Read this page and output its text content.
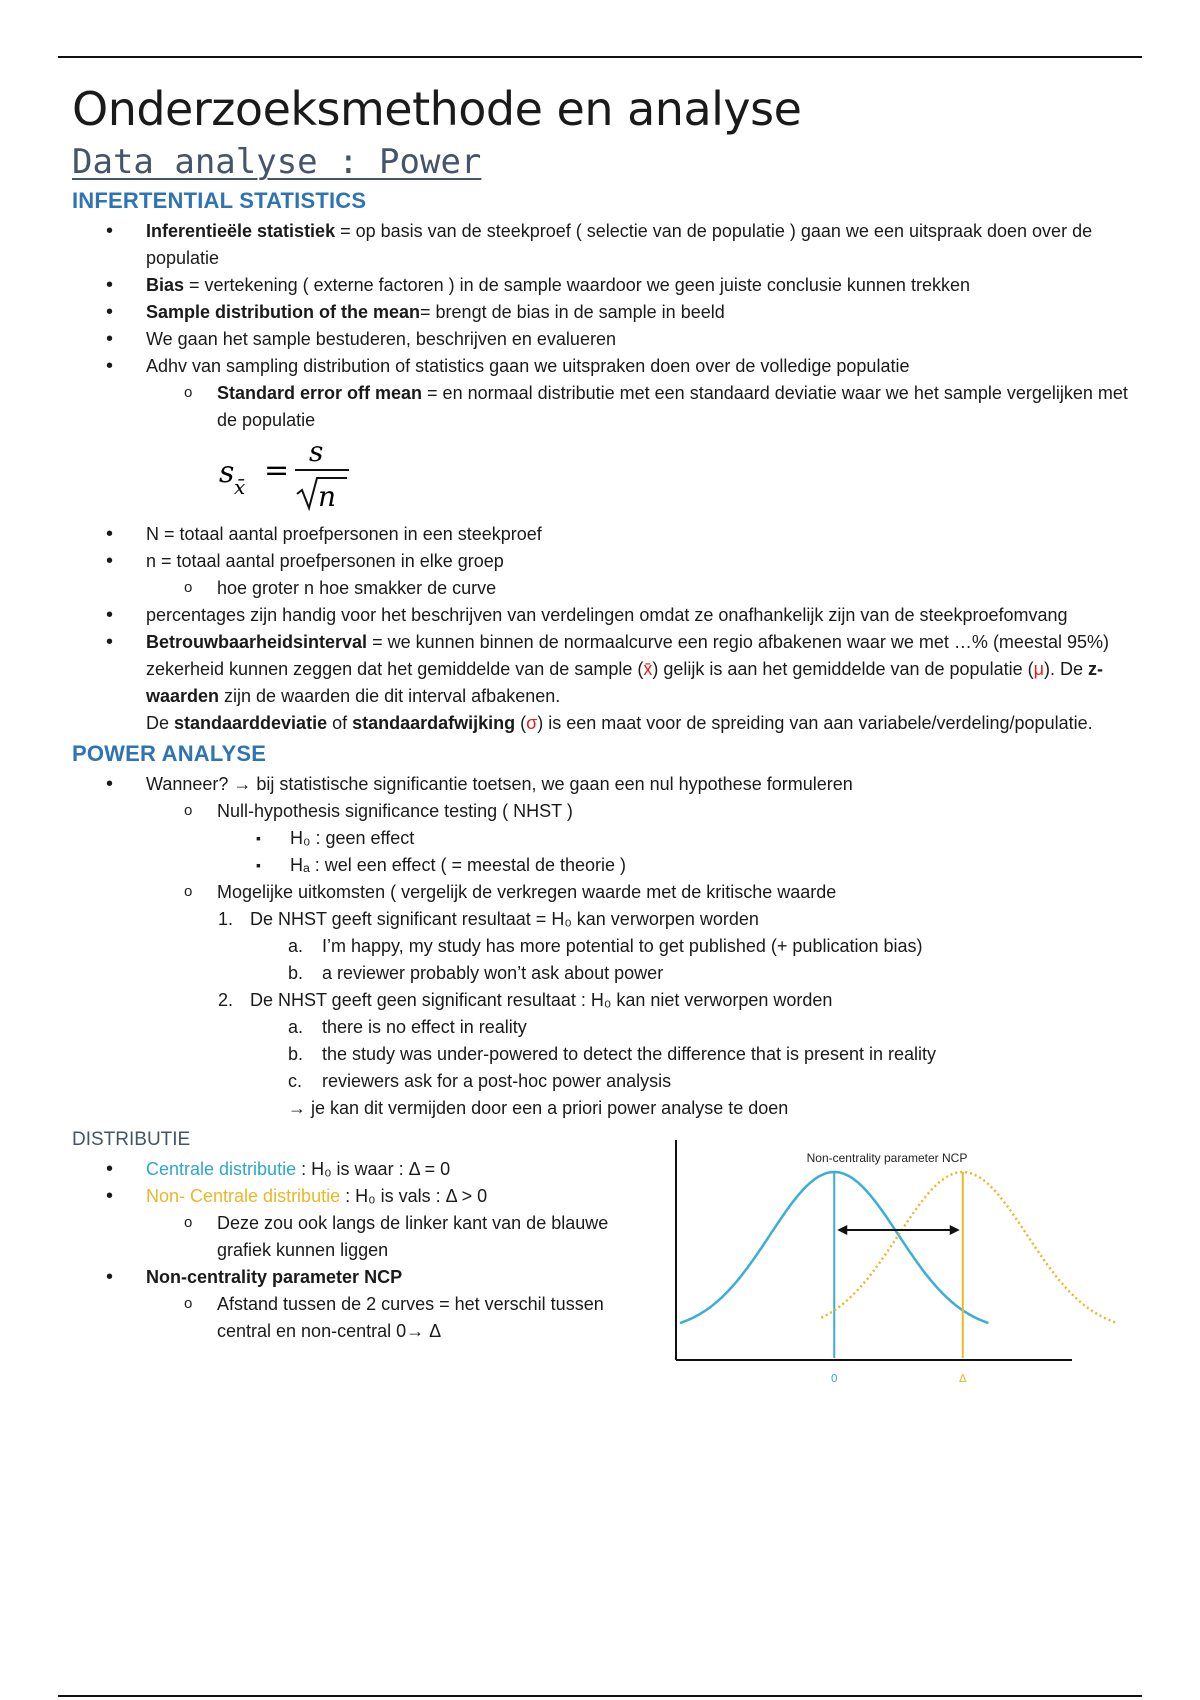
Onderzoeksmethode en analyse
Data analyse : Power
INFERTENTIAL STATISTICS
• Inferentieële statistiek = op basis van de steekproef ( selectie van de populatie ) gaan we een uitspraak doen over de populatie
• Bias = vertekening ( externe factoren ) in de sample waardoor we geen juiste conclusie kunnen trekken
• Sample distribution of the mean= brengt de bias in de sample in beeld
• We gaan het sample bestuderen, beschrijven en evalueren
• Adhv van sampling distribution of statistics gaan we uitspraken doen over de volledige populatie
o Standard error off mean = en normaal distributie met een standaard deviatie waar we het sample vergelijken met de populatie
s x̄ =
s
n
• N = totaal aantal proefpersonen in een steekproef
• n = totaal aantal proefpersonen in elke groep
o hoe groter n hoe smakker de curve
• percentages zijn handig voor het beschrijven van verdelingen omdat ze onafhankelijk zijn van de steekproefomvang
• Betrouwbaarheidsinterval = we kunnen binnen de normaalcurve een regio afbakenen waar we met …% (meestal 95%) zekerheid kunnen zeggen dat het gemiddelde van de sample (x̄) gelijk is aan het gemiddelde van de populatie (μ). De z-waarden zijn de waarden die dit interval afbakenen.
De standaarddeviatie of standaardafwijking (σ) is een maat voor de spreiding van aan variabele/verdeling/populatie.
POWER ANALYSE
• Wanneer? → bij statistische significantie toetsen, we gaan een nul hypothese formuleren
o Null-hypothesis significance testing ( NHST )
▪ H₀ : geen effect
▪ Hₐ : wel een effect ( = meestal de theorie )
o Mogelijke uitkomsten ( vergelijk de verkregen waarde met de kritische waarde
1. De NHST geeft significant resultaat = H₀ kan verworpen worden
a. I’m happy, my study has more potential to get published (+ publication bias)
b. a reviewer probably won’t ask about power
2. De NHST geeft geen significant resultaat : H₀ kan niet verworpen worden
a. there is no effect in reality
b. the study was under-powered to detect the difference that is present in reality
c. reviewers ask for a post-hoc power analysis
→ je kan dit vermijden door een a priori power analyse te doen
DISTRIBUTIE
• Centrale distributie : H₀ is waar : Δ = 0
• Non- Centrale distributie : H₀ is vals : Δ > 0
o Deze zou ook langs de linker kant van de blauwe grafiek kunnen liggen
• Non-centrality parameter NCP
o Afstand tussen de 2 curves = het verschil tussen central en non-central 0→ Δ
Non-centrality parameter NCP
0	Δ
